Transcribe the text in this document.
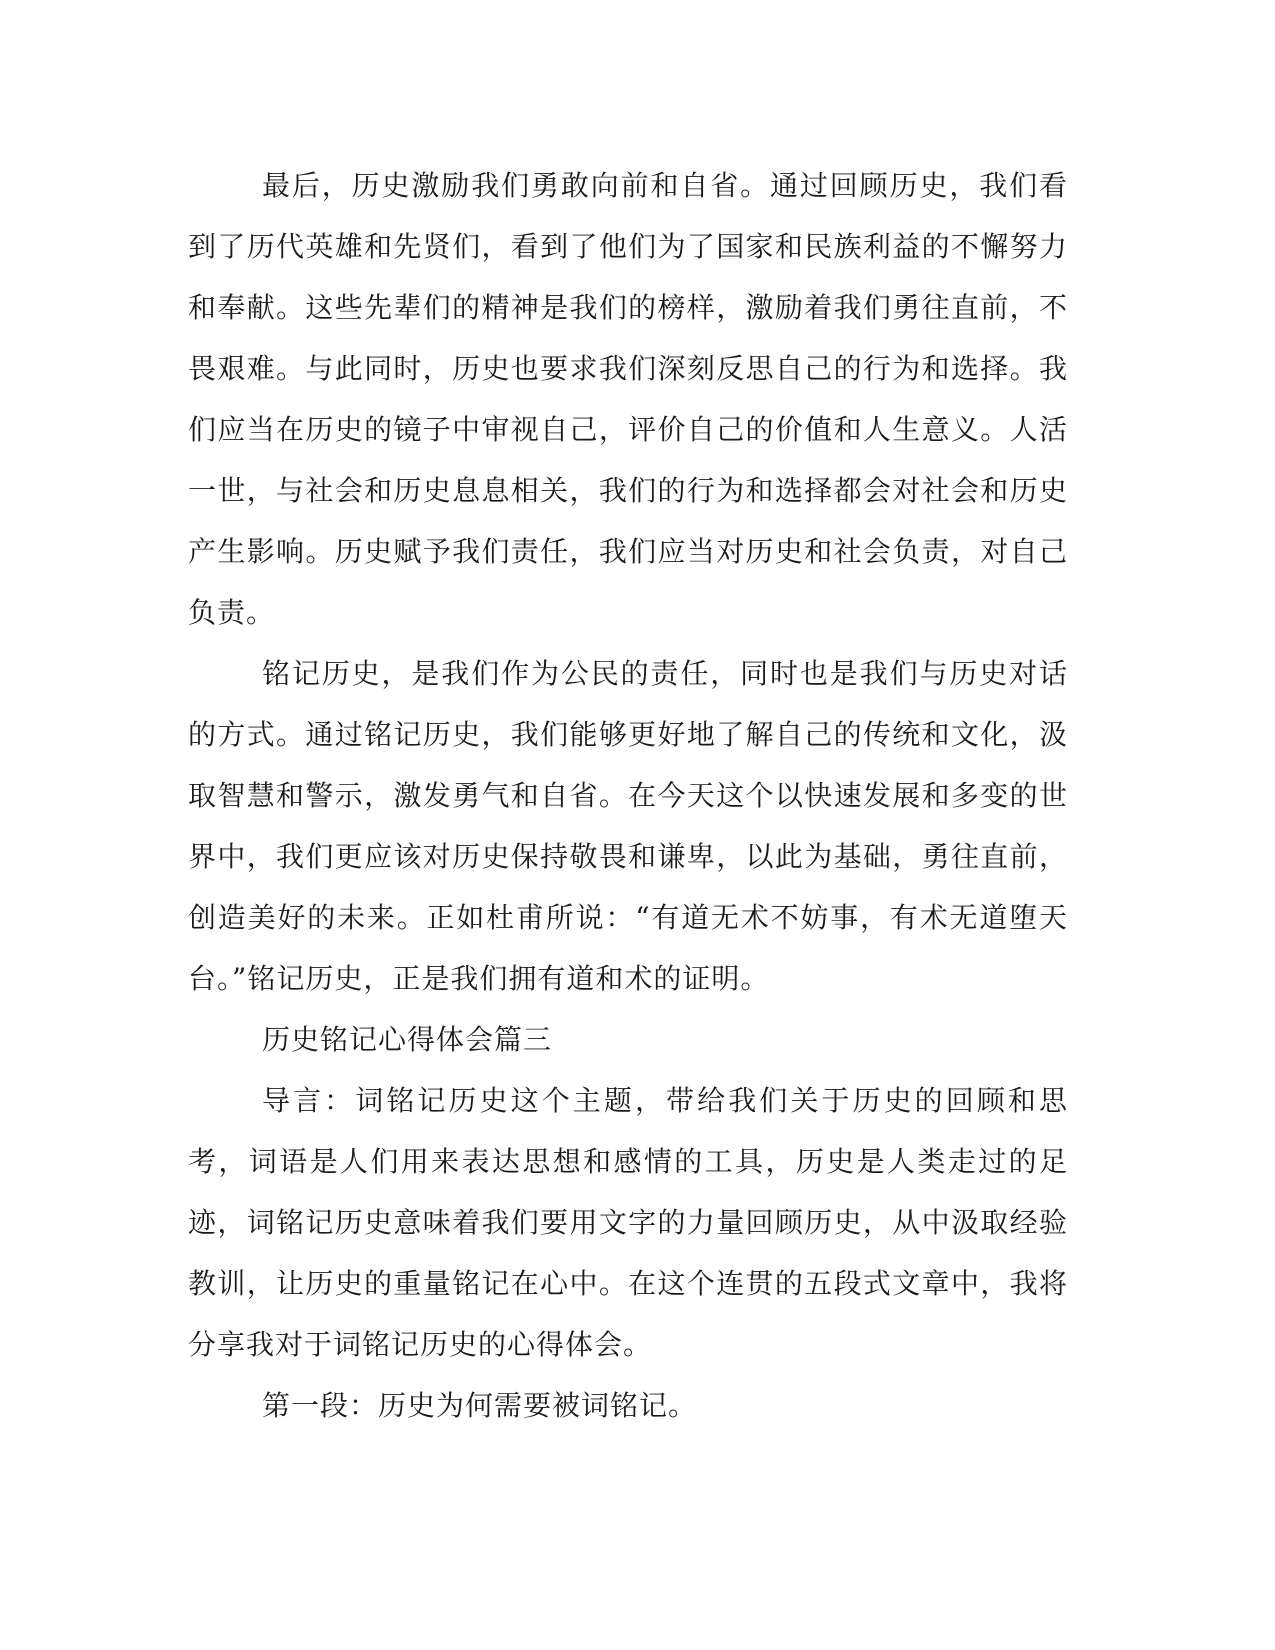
最后，历史激励我们勇敢向前和自省。通过回顾历史，我们看到了历代英雄和先贤们，看到了他们为了国家和民族利益的不懈努力和奉献。这些先辈们的精神是我们的榜样，激励着我们勇往直前，不畏艰难。与此同时，历史也要求我们深刻反思自己的行为和选择。我们应当在历史的镜子中审视自己，评价自己的价值和人生意义。人活一世，与社会和历史息息相关，我们的行为和选择都会对社会和历史产生影响。历史赋予我们责任，我们应当对历史和社会负责，对自己负责。

铭记历史，是我们作为公民的责任，同时也是我们与历史对话的方式。通过铭记历史，我们能够更好地了解自己的传统和文化，汲取智慧和警示，激发勇气和自省。在今天这个以快速发展和多变的世界中，我们更应该对历史保持敬畏和谦卑，以此为基础，勇往直前，创造美好的未来。正如杜甫所说：“有道无术不妨事，有术无道堕天台。”铭记历史，正是我们拥有道和术的证明。

历史铭记心得体会篇三

导言：词铭记历史这个主题，带给我们关于历史的回顾和思考，词语是人们用来表达思想和感情的工具，历史是人类走过的足迹，词铭记历史意味着我们要用文字的力量回顾历史，从中汲取经验教训，让历史的重量铭记在心中。在这个连贯的五段式文章中，我将分享我对于词铭记历史的心得体会。

第一段：历史为何需要被词铭记。
